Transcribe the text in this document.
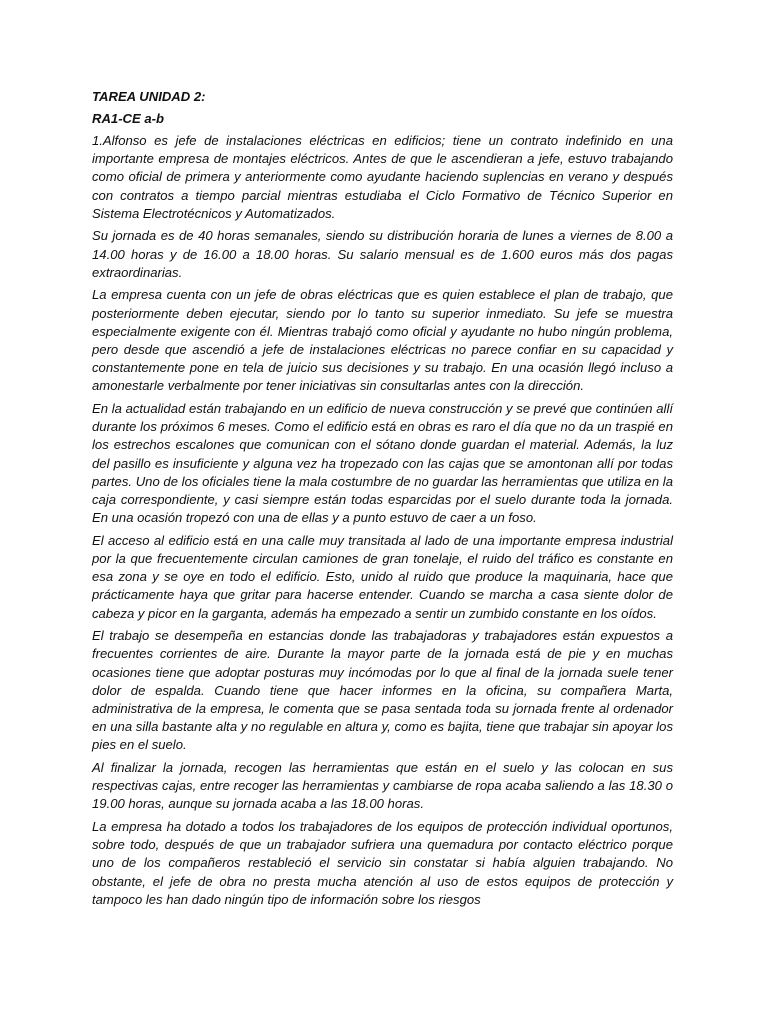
TAREA UNIDAD 2:
RA1-CE a-b

1.Alfonso es jefe de instalaciones eléctricas en edificios; tiene un contrato indefinido en una importante empresa de montajes eléctricos. Antes de que le ascendieran a jefe, estuvo trabajando como oficial de primera y anteriormente como ayudante haciendo suplencias en verano y después con contratos a tiempo parcial mientras estudiaba el Ciclo Formativo de Técnico Superior en Sistema Electrotécnicos y Automatizados.

Su jornada es de 40 horas semanales, siendo su distribución horaria de lunes a viernes de 8.00 a 14.00 horas y de 16.00 a 18.00 horas. Su salario mensual es de 1.600 euros más dos pagas extraordinarias.

La empresa cuenta con un jefe de obras eléctricas que es quien establece el plan de trabajo, que posteriormente deben ejecutar, siendo por lo tanto su superior inmediato. Su jefe se muestra especialmente exigente con él. Mientras trabajó como oficial y ayudante no hubo ningún problema, pero desde que ascendió a jefe de instalaciones eléctricas no parece confiar en su capacidad y constantemente pone en tela de juicio sus decisiones y su trabajo. En una ocasión llegó incluso a amonestarle verbalmente por tener iniciativas sin consultarlas antes con la dirección.

En la actualidad están trabajando en un edificio de nueva construcción y se prevé que continúen allí durante los próximos 6 meses. Como el edificio está en obras es raro el día que no da un traspié en los estrechos escalones que comunican con el sótano donde guardan el material. Además, la luz del pasillo es insuficiente y alguna vez ha tropezado con las cajas que se amontonan allí por todas partes. Uno de los oficiales tiene la mala costumbre de no guardar las herramientas que utiliza en la caja correspondiente, y casi siempre están todas esparcidas por el suelo durante toda la jornada. En una ocasión tropezó con una de ellas y a punto estuvo de caer a un foso.

El acceso al edificio está en una calle muy transitada al lado de una importante empresa industrial por la que frecuentemente circulan camiones de gran tonelaje, el ruido del tráfico es constante en esa zona y se oye en todo el edificio. Esto, unido al ruido que produce la maquinaria, hace que prácticamente haya que gritar para hacerse entender. Cuando se marcha a casa siente dolor de cabeza y picor en la garganta, además ha empezado a sentir un zumbido constante en los oídos.

El trabajo se desempeña en estancias donde las trabajadoras y trabajadores están expuestos a frecuentes corrientes de aire. Durante la mayor parte de la jornada está de pie y en muchas ocasiones tiene que adoptar posturas muy incómodas por lo que al final de la jornada suele tener dolor de espalda. Cuando tiene que hacer informes en la oficina, su compañera Marta, administrativa de la empresa, le comenta que se pasa sentada toda su jornada frente al ordenador en una silla bastante alta y no regulable en altura y, como es bajita, tiene que trabajar sin apoyar los pies en el suelo.

Al finalizar la jornada, recogen las herramientas que están en el suelo y las colocan en sus respectivas cajas, entre recoger las herramientas y cambiarse de ropa acaba saliendo a las 18.30 o 19.00 horas, aunque su jornada acaba a las 18.00 horas.

La empresa ha dotado a todos los trabajadores de los equipos de protección individual oportunos, sobre todo, después de que un trabajador sufriera una quemadura por contacto eléctrico porque uno de los compañeros restableció el servicio sin constatar si había alguien trabajando. No obstante, el jefe de obra no presta mucha atención al uso de estos equipos de protección y tampoco les han dado ningún tipo de información sobre los riesgos
